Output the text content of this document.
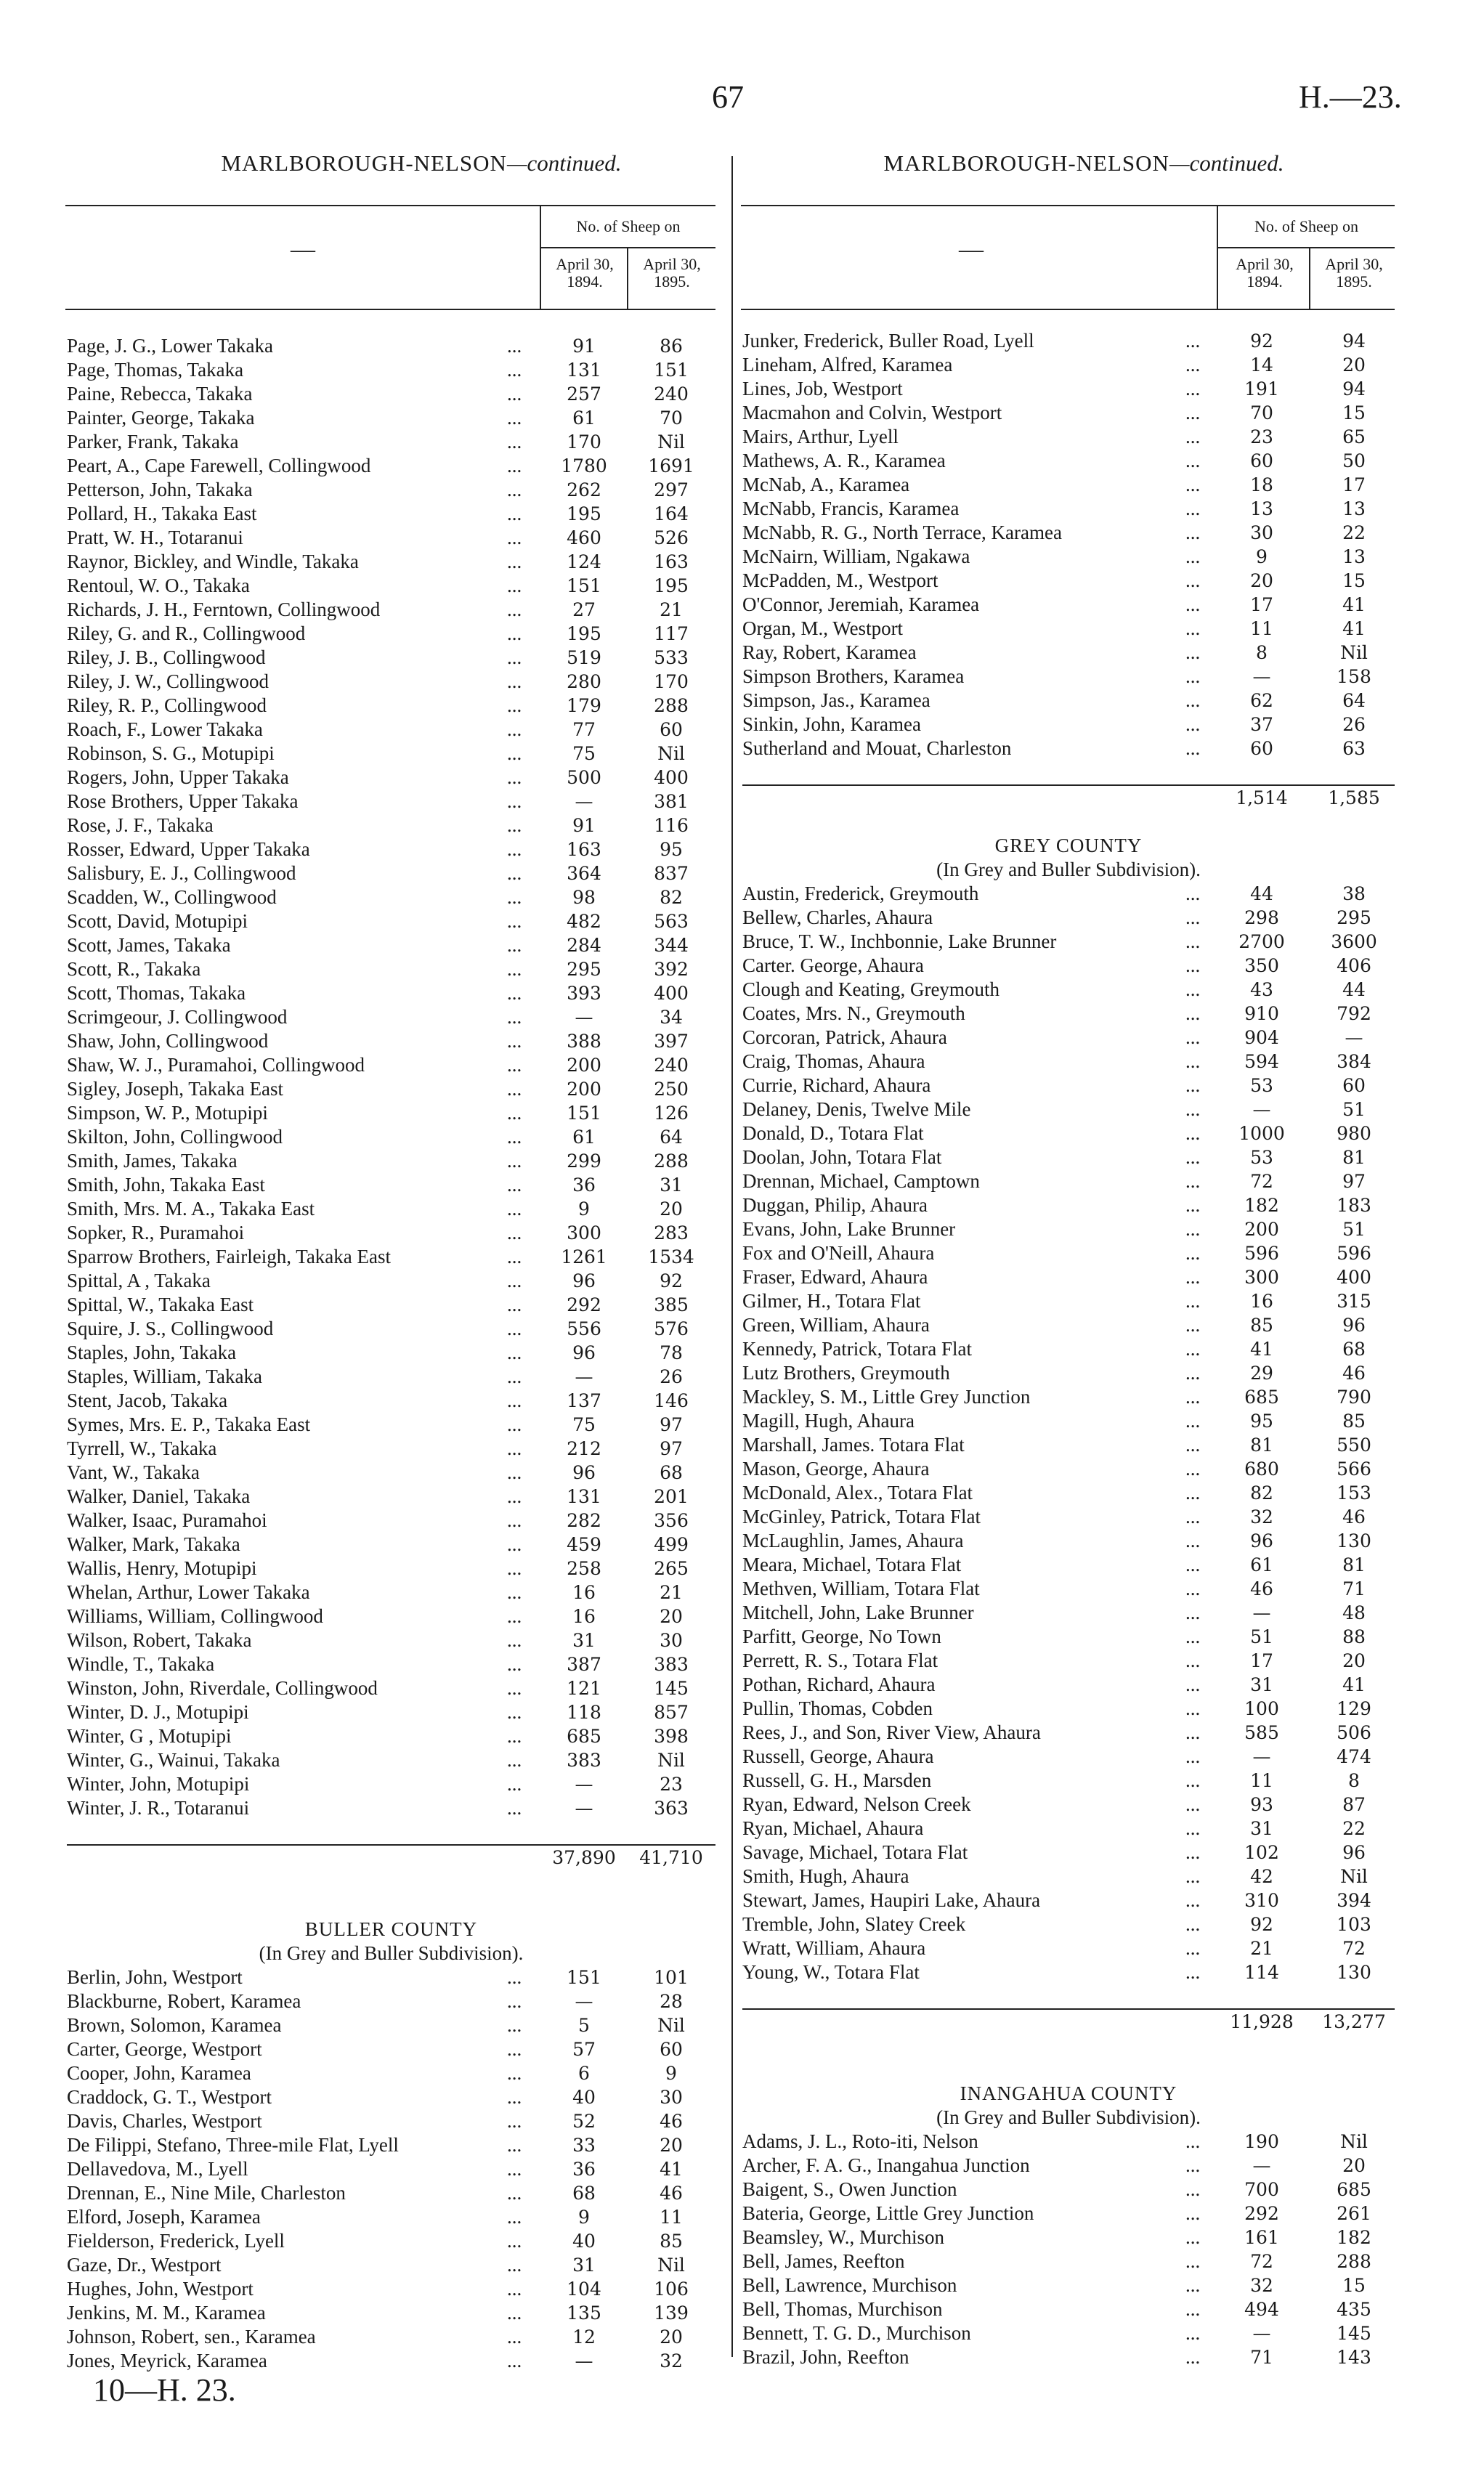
67	H.—23.
MARLBOROUGH-NELSON—continued.	MARLBOROUGH-NELSON—continued.
No. of Sheep on
April 30, 1894.
April 30, 1895.
—
No. of Sheep on
April 30, 1894.
April 30, 1895.
—
Page, J. G., Lower Takaka	...	91	86
Page, Thomas, Takaka	...	131	151
Paine, Rebecca, Takaka	...	257	240
Painter, George, Takaka	...	61	70
Parker, Frank, Takaka	...	170	Nil
Peart, A., Cape Farewell, Collingwood	...	1780	1691
Petterson, John, Takaka	...	262	297
Pollard, H., Takaka East	...	195	164
Pratt, W. H., Totaranui	...	460	526
Raynor, Bickley, and Windle, Takaka	...	124	163
Rentoul, W. O., Takaka	...	151	195
Richards, J. H., Ferntown, Collingwood	...	27	21
Riley, G. and R., Collingwood	...	195	117
Riley, J. B., Collingwood	...	519	533
Riley, J. W., Collingwood	...	280	170
Riley, R. P., Collingwood	...	179	288
Roach, F., Lower Takaka	...	77	60
Robinson, S. G., Motupipi	...	75	Nil
Rogers, John, Upper Takaka	...	500	400
Rose Brothers, Upper Takaka	...	—	381
Rose, J. F., Takaka	...	91	116
Rosser, Edward, Upper Takaka	...	163	95
Salisbury, E. J., Collingwood	...	364	837
Scadden, W., Collingwood	...	98	82
Scott, David, Motupipi	...	482	563
Scott, James, Takaka	...	284	344
Scott, R., Takaka	...	295	392
Scott, Thomas, Takaka	...	393	400
Scrimgeour, J. Collingwood	...	—	34
Shaw, John, Collingwood	...	388	397
Shaw, W. J., Puramahoi, Collingwood	...	200	240
Sigley, Joseph, Takaka East	...	200	250
Simpson, W. P., Motupipi	...	151	126
Skilton, John, Collingwood	...	61	64
Smith, James, Takaka	...	299	288
Smith, John, Takaka East	...	36	31
Smith, Mrs. M. A., Takaka East	...	9	20
Sopker, R., Puramahoi	...	300	283
Sparrow Brothers, Fairleigh, Takaka East	...	1261	1534
Spittal, A , Takaka	...	96	92
Spittal, W., Takaka East	...	292	385
Squire, J. S., Collingwood	...	556	576
Staples, John, Takaka	...	96	78
Staples, William, Takaka	...	—	26
Stent, Jacob, Takaka	...	137	146
Symes, Mrs. E. P., Takaka East	...	75	97
Tyrrell, W., Takaka	...	212	97
Vant, W., Takaka	...	96	68
Walker, Daniel, Takaka	...	131	201
Walker, Isaac, Puramahoi	...	282	356
Walker, Mark, Takaka	...	459	499
Wallis, Henry, Motupipi	...	258	265
Whelan, Arthur, Lower Takaka	...	16	21
Williams, William, Collingwood	...	16	20
Wilson, Robert, Takaka	...	31	30
Windle, T., Takaka	...	387	383
Winston, John, Riverdale, Collingwood	...	121	145
Winter, D. J., Motupipi	...	118	857
Winter, G , Motupipi	...	685	398
Winter, G., Wainui, Takaka	...	383	Nil
Winter, John, Motupipi	...	—	23
Winter, J. R., Totaranui	...	—	363
37,890	41,710
BULLER COUNTY
(In Grey and Buller Subdivision).
Berlin, John, Westport	...	151	101
Blackburne, Robert, Karamea	...	—	28
Brown, Solomon, Karamea	...	5	Nil
Carter, George, Westport	...	57	60
Cooper, John, Karamea	...	6	9
Craddock, G. T., Westport	...	40	30
Davis, Charles, Westport	...	52	46
De Filippi, Stefano, Three-mile Flat, Lyell	...	33	20
Dellavedova, M., Lyell	...	36	41
Drennan, E., Nine Mile, Charleston	...	68	46
Elford, Joseph, Karamea	...	9	11
Fielderson, Frederick, Lyell	...	40	85
Gaze, Dr., Westport	...	31	Nil
Hughes, John, Westport	...	104	106
Jenkins, M. M., Karamea	...	135	139
Johnson, Robert, sen., Karamea	...	12	20
Jones, Meyrick, Karamea	...	—	32
Junker, Frederick, Buller Road, Lyell	...	92	94
Lineham, Alfred, Karamea	...	14	20
Lines, Job, Westport	...	191	94
Macmahon and Colvin, Westport	...	70	15
Mairs, Arthur, Lyell	...	23	65
Mathews, A. R., Karamea	...	60	50
McNab, A., Karamea	...	18	17
McNabb, Francis, Karamea	...	13	13
McNabb, R. G., North Terrace, Karamea	...	30	22
McNairn, William, Ngakawa	...	9	13
McPadden, M., Westport	...	20	15
O'Connor, Jeremiah, Karamea	...	17	41
Organ, M., Westport	...	11	41
Ray, Robert, Karamea	...	8	Nil
Simpson Brothers, Karamea	...	—	158
Simpson, Jas., Karamea	...	62	64
Sinkin, John, Karamea	...	37	26
Sutherland and Mouat, Charleston	...	60	63
1,514	1,585
GREY COUNTY
(In Grey and Buller Subdivision).
Austin, Frederick, Greymouth	...	44	38
Bellew, Charles, Ahaura	...	298	295
Bruce, T. W., Inchbonnie, Lake Brunner	...	2700	3600
Carter. George, Ahaura	...	350	406
Clough and Keating, Greymouth	...	43	44
Coates, Mrs. N., Greymouth	...	910	792
Corcoran, Patrick, Ahaura	...	904	—
Craig, Thomas, Ahaura	...	594	384
Currie, Richard, Ahaura	...	53	60
Delaney, Denis, Twelve Mile	...	—	51
Donald, D., Totara Flat	...	1000	980
Doolan, John, Totara Flat	...	53	81
Drennan, Michael, Camptown	...	72	97
Duggan, Philip, Ahaura	...	182	183
Evans, John, Lake Brunner	...	200	51
Fox and O'Neill, Ahaura	...	596	596
Fraser, Edward, Ahaura	...	300	400
Gilmer, H., Totara Flat	...	16	315
Green, William, Ahaura	...	85	96
Kennedy, Patrick, Totara Flat	...	41	68
Lutz Brothers, Greymouth	...	29	46
Mackley, S. M., Little Grey Junction	...	685	790
Magill, Hugh, Ahaura	...	95	85
Marshall, James. Totara Flat	...	81	550
Mason, George, Ahaura	...	680	566
McDonald, Alex., Totara Flat	...	82	153
McGinley, Patrick, Totara Flat	...	32	46
McLaughlin, James, Ahaura	...	96	130
Meara, Michael, Totara Flat	...	61	81
Methven, William, Totara Flat	...	46	71
Mitchell, John, Lake Brunner	...	—	48
Parfitt, George, No Town	...	51	88
Perrett, R. S., Totara Flat	...	17	20
Pothan, Richard, Ahaura	...	31	41
Pullin, Thomas, Cobden	...	100	129
Rees, J., and Son, River View, Ahaura	...	585	506
Russell, George, Ahaura	...	—	474
Russell, G. H., Marsden	...	11	8
Ryan, Edward, Nelson Creek	...	93	87
Ryan, Michael, Ahaura	...	31	22
Savage, Michael, Totara Flat	...	102	96
Smith, Hugh, Ahaura	...	42	Nil
Stewart, James, Haupiri Lake, Ahaura	...	310	394
Tremble, John, Slatey Creek	...	92	103
Wratt, William, Ahaura	...	21	72
Young, W., Totara Flat	...	114	130
11,928	13,277
INANGAHUA COUNTY
(In Grey and Buller Subdivision).
Adams, J. L., Roto-iti, Nelson	...	190	Nil
Archer, F. A. G., Inangahua Junction	...	—	20
Baigent, S., Owen Junction	...	700	685
Bateria, George, Little Grey Junction	...	292	261
Beamsley, W., Murchison	...	161	182
Bell, James, Reefton	...	72	288
Bell, Lawrence, Murchison	...	32	15
Bell, Thomas, Murchison	...	494	435
Bennett, T. G. D., Murchison	...	—	145
Brazil, John, Reefton	...	71	143
10—H. 23.
